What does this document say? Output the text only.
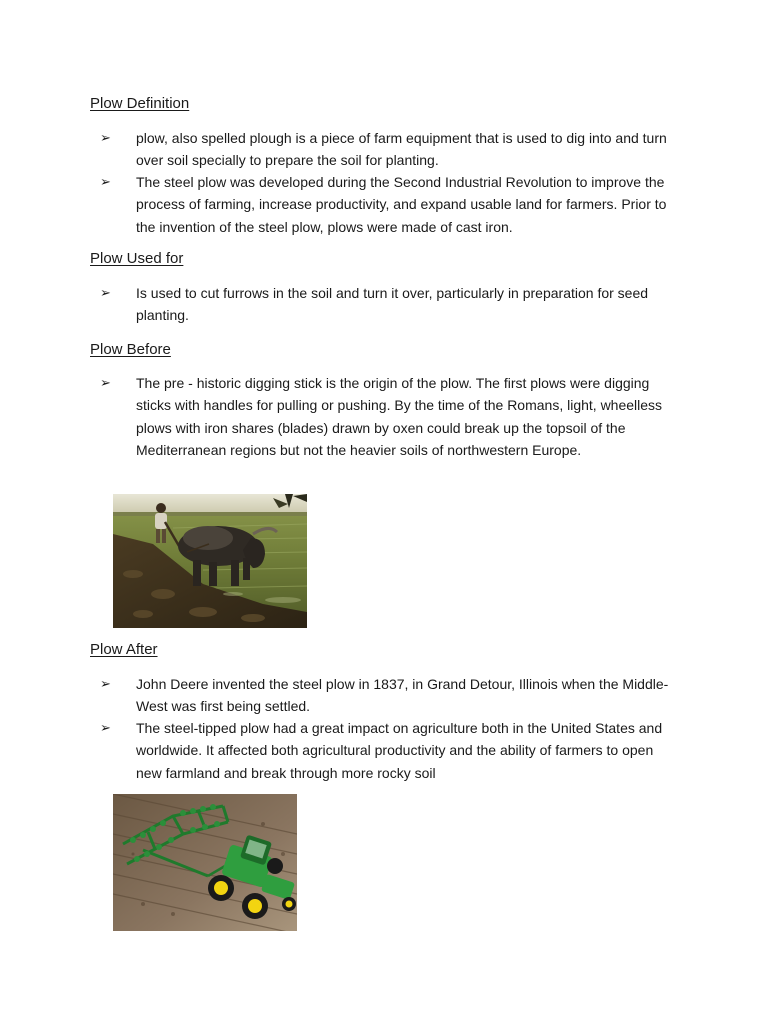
Plow Definition
➢ plow, also spelled plough is a piece of farm equipment that is used to dig into and turn over soil specially to prepare the soil for planting.
➢ The steel plow was developed during the Second Industrial Revolution to improve the process of farming, increase productivity, and expand usable land for farmers. Prior to the invention of the steel plow, plows were made of cast iron.
Plow Used for
➢ Is used to cut furrows in the soil and turn it over, particularly in preparation for seed planting.
Plow Before
➢ The pre - historic digging stick is the origin of the plow. The first plows were digging sticks with handles for pulling or pushing. By the time of the Romans, light, wheelless plows with iron shares (blades) drawn by oxen could break up the topsoil of the Mediterranean regions but not the heavier soils of northwestern Europe.
Plow After
➢ John Deere invented the steel plow in 1837, in Grand Detour, Illinois when the Middle-West was first being settled.
➢ The steel-tipped plow had a great impact on agriculture both in the United States and worldwide. It affected both agricultural productivity and the ability of farmers to open new farmland and break through more rocky soil
